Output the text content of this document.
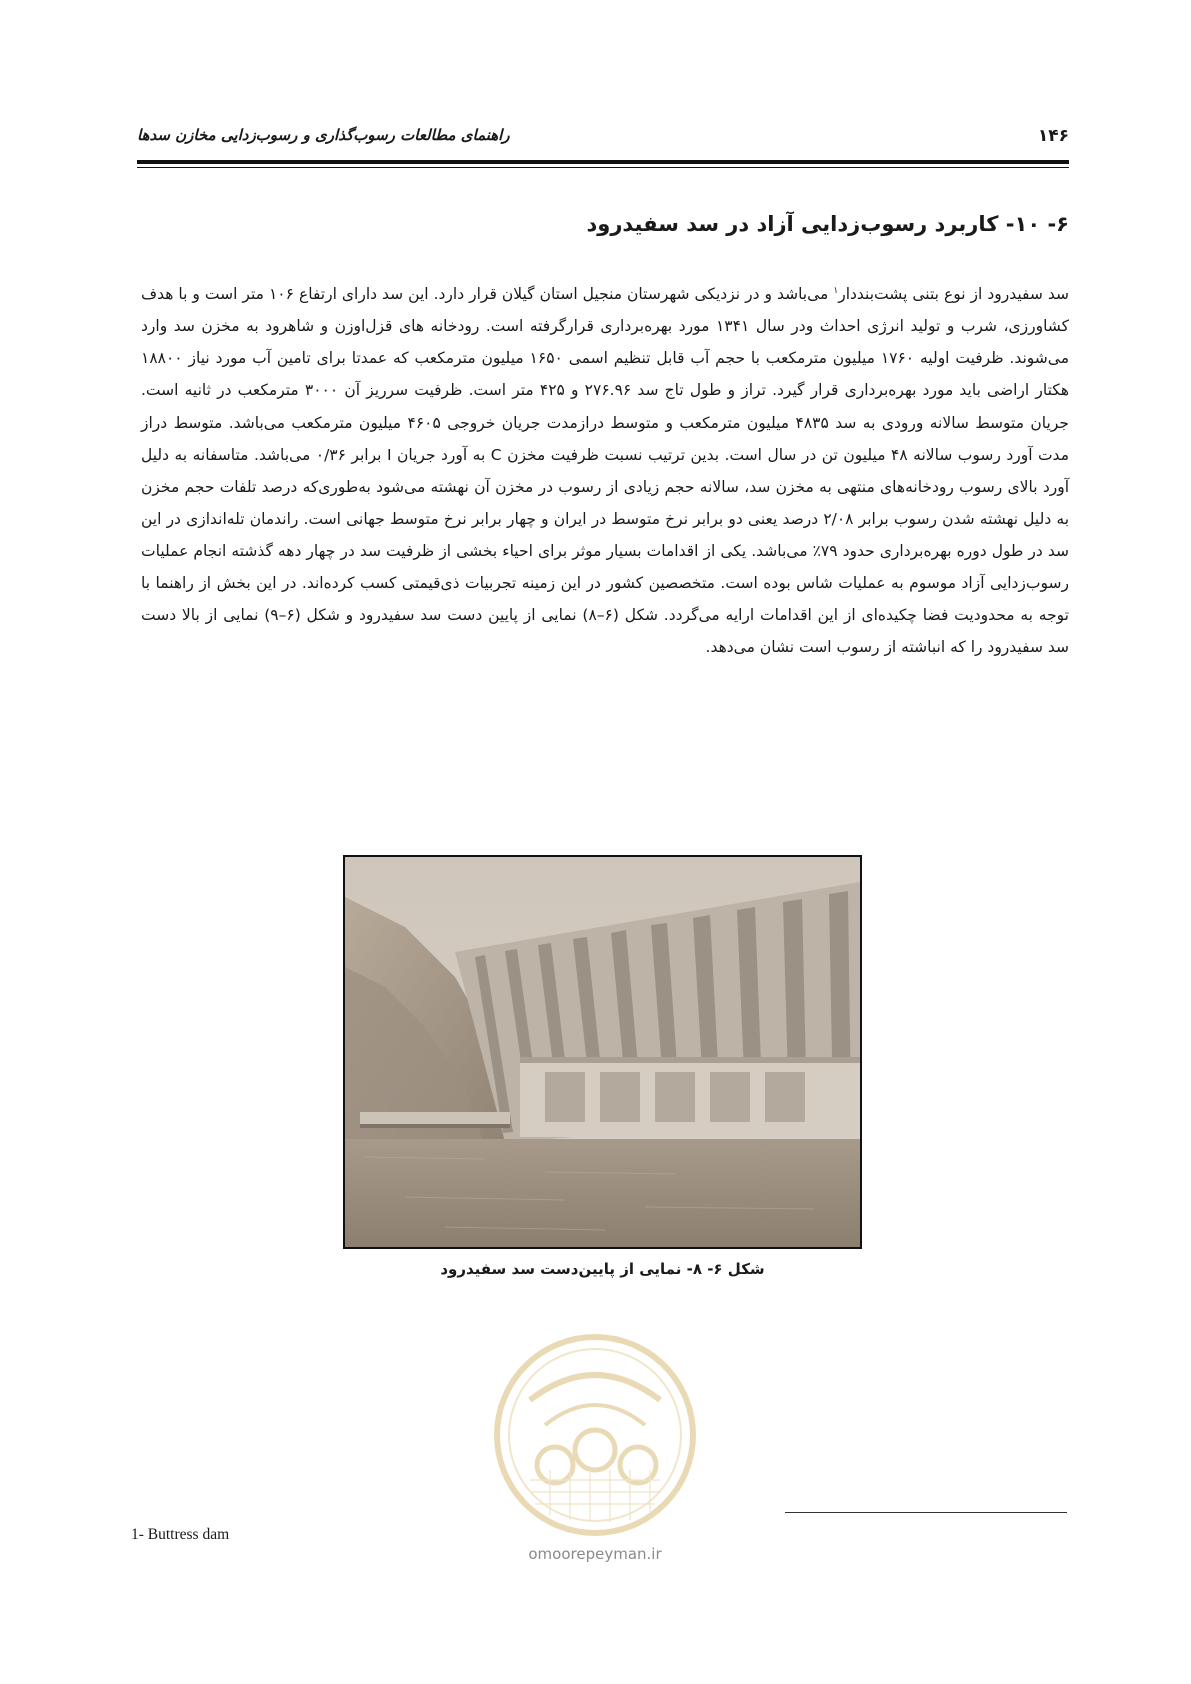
۱۴۶
راهنمای مطالعات رسوب‌گذاری و رسوب‌زدایی مخازن سدها
۶- ۱۰- کاربرد رسوب‌زدایی آزاد در سد سفیدرود
سد سفیدرود از نوع بتنی پشت‌بنددار$^۱$ می‌باشد و در نزدیکی شهرستان منجیل استان گیلان قرار دارد. این سد دارای ارتفاع ۱۰۶ متر است و با هدف کشاورزی، شرب و تولید انرژی احداث ودر سال ۱۳۴۱ مورد بهره‌برداری قرارگرفته است. رودخانه های قزل‌اوزن و شاهرود به مخزن سد وارد می‌شوند. ظرفیت اولیه ۱۷۶۰ میلیون مترمکعب با حجم آب قابل تنظیم اسمی ۱۶۵۰ میلیون مترمکعب که عمدتا برای تامین آب مورد نیاز ۱۸۸۰۰ هکتار اراضی باید مورد بهره‌برداری قرار گیرد. تراز و طول تاج سد ۲۷۶.۹۶ و ۴۲۵ متر است. ظرفیت سرریز آن ۳۰۰۰ مترمکعب در ثانیه است. جریان متوسط سالانه ورودی به سد ۴۸۳۵ میلیون مترمکعب و متوسط درازمدت جریان خروجی ۴۶۰۵ میلیون مترمکعب می‌باشد. متوسط دراز مدت آورد رسوب سالانه ۴۸ میلیون تن در سال است. بدین ترتیب نسبت ظرفیت مخزن C به آورد جریان I برابر ۰/۳۶ می‌باشد. متاسفانه به دلیل آورد بالای رسوب رودخانه‌های منتهی به مخزن سد، سالانه حجم زیادی از رسوب در مخزن آن نهشته می‌شود به‌طوری‌که درصد تلفات حجم مخزن به دلیل نهشته شدن رسوب برابر ۲/۰۸ درصد یعنی دو برابر نرخ متوسط در ایران و چهار برابر نرخ متوسط جهانی است. راندمان تله‌اندازی در این سد در طول دوره بهره‌برداری حدود ۷۹٪ می‌باشد. یکی از اقدامات بسیار موثر برای احیاء بخشی از ظرفیت سد در چهار دهه گذشته انجام عملیات رسوب‌زدایی آزاد موسوم به عملیات شاس بوده است. متخصصین کشور در این زمینه تجربیات ذی‌قیمتی کسب کرده‌اند. در این بخش از راهنما با توجه به محدودیت فضا چکیده‌ای از این اقدامات ارایه می‌گردد. شکل (۶–۸) نمایی از پایین دست سد سفیدرود و شکل (۶–۹) نمایی از بالا دست سد سفیدرود را که انباشته از رسوب است نشان می‌دهد.
شکل ۶- ۸- نمایی از پایین‌دست سد سفیدرود
omoorepeyman.ir
1- Buttress dam
